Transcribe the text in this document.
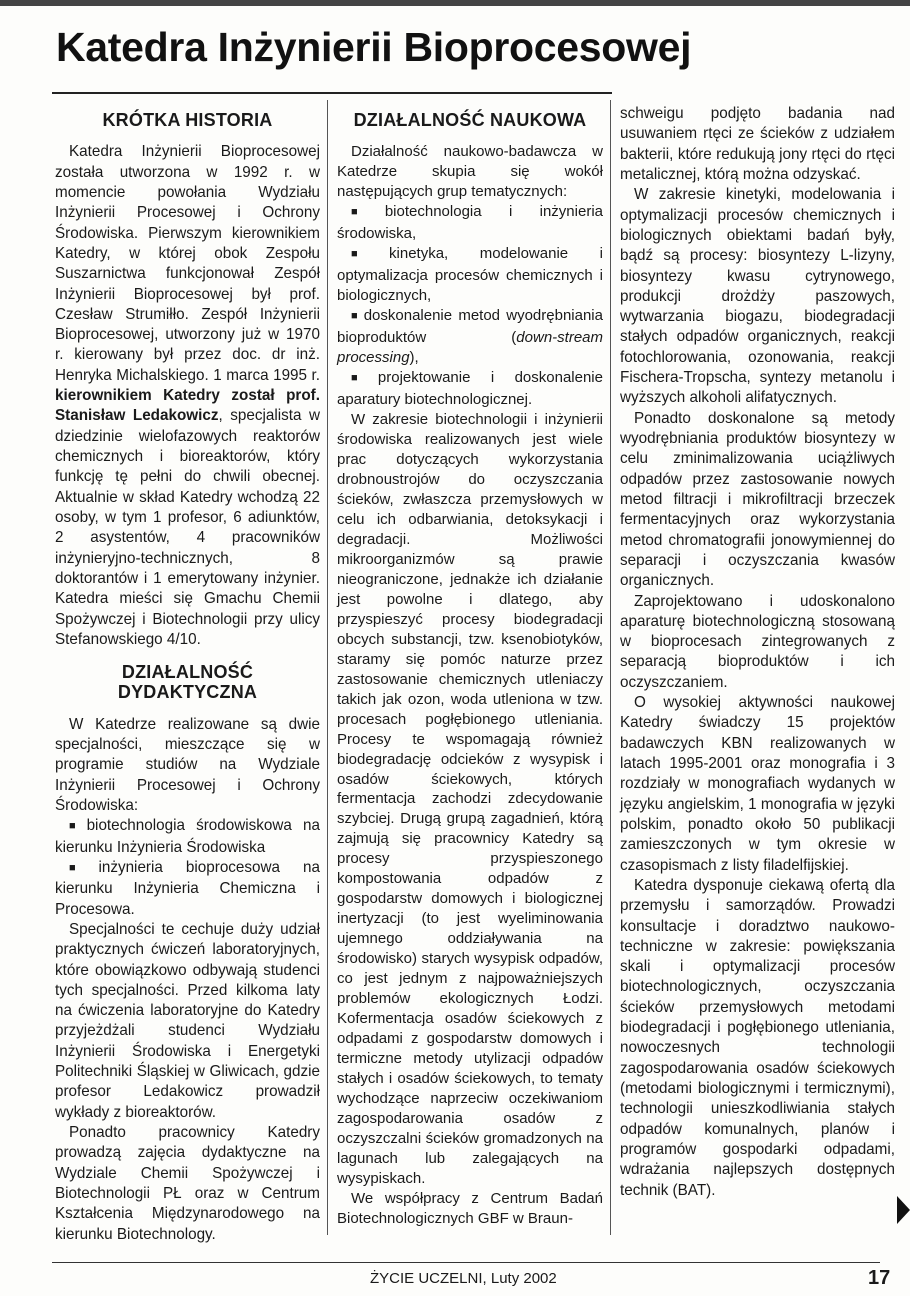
Katedra Inżynierii Bioprocesowej
KRÓTKA HISTORIA

Katedra Inżynierii Bioprocesowej została utworzona w 1992 r. w momencie powołania Wydziału Inżynierii Procesowej i Ochrony Środowiska. Pierwszym kierownikiem Katedry, w której obok Zespołu Suszarnictwa funkcjonował Zespół Inżynierii Bioprocesowej był prof. Czesław Strumiłło. Zespół Inżynierii Bioprocesowej, utworzony już w 1970 r. kierowany był przez doc. dr inż. Henryka Michalskiego. 1 marca 1995 r. kierownikiem Katedry został prof. Stanisław Ledakowicz, specjalista w dziedzinie wielofazowych reaktorów chemicznych i bioreaktorów, który funkcję tę pełni do chwili obecnej. Aktualnie w skład Katedry wchodzą 22 osoby, w tym 1 profesor, 6 adiunktów, 2 asystentów, 4 pracowników inżynieryjno-technicznych, 8 doktorantów i 1 emerytowany inżynier. Katedra mieści się Gmachu Chemii Spożywczej i Biotechnologii przy ulicy Stefanowskiego 4/10.

DZIAŁALNOŚĆ DYDAKTYCZNA

W Katedrze realizowane są dwie specjalności, mieszczące się w programie studiów na Wydziale Inżynierii Procesowej i Ochrony Środowiska:

■ biotechnologia środowiskowa na kierunku Inżynieria Środowiska

■ inżynieria bioprocesowa na kierunku Inżynieria Chemiczna i Procesowa.

Specjalności te cechuje duży udział praktycznych ćwiczeń laboratoryjnych, które obowiązkowo odbywają studenci tych specjalności. Przed kilkoma laty na ćwiczenia laboratoryjne do Katedry przyjeżdżali studenci Wydziału Inżynierii Środowiska i Energetyki Politechniki Śląskiej w Gliwicach, gdzie profesor Ledakowicz prowadził wykłady z bioreaktorów.

Ponadto pracownicy Katedry prowadzą zajęcia dydaktyczne na Wydziale Chemii Spożywczej i Biotechnologii PŁ oraz w Centrum Kształcenia Międzynarodowego na kierunku Biotechnology.

DZIAŁALNOŚĆ NAUKOWA

Działalność naukowo-badawcza w Katedrze skupia się wokół następujących grup tematycznych:

■ biotechnologia i inżynieria środowiska,

■ kinetyka, modelowanie i optymalizacja procesów chemicznych i biologicznych,

■ doskonalenie metod wyodrębniania bioproduktów (down-stream processing),

■ projektowanie i doskonalenie aparatury biotechnologicznej.

W zakresie biotechnologii i inżynierii środowiska realizowanych jest wiele prac dotyczących wykorzystania drobnoustrojów do oczyszczania ścieków, zwłaszcza przemysłowych w celu ich odbarwiania, detoksykacji i degradacji. Możliwości mikroorganizmów są prawie nieograniczone, jednakże ich działanie jest powolne i dlatego, aby przyspieszyć procesy biodegradacji obcych substancji, tzw. ksenobiotyków, staramy się pomóc naturze przez zastosowanie chemicznych utleniaczy takich jak ozon, woda utleniona w tzw. procesach pogłębionego utleniania. Procesy te wspomagają również biodegradację odcieków z wysypisk i osadów ściekowych, których fermentacja zachodzi zdecydowanie szybciej. Drugą grupą zagadnień, którą zajmują się pracownicy Katedry są procesy przyspieszonego kompostowania odpadów z gospodarstw domowych i biologicznej inertyzacji (to jest wyeliminowania ujemnego oddziaływania na środowisko) starych wysypisk odpadów, co jest jednym z najpoważniejszych problemów ekologicznych Łodzi. Kofermentacja osadów ściekowych z odpadami z gospodarstw domowych i termiczne metody utylizacji odpadów stałych i osadów ściekowych, to tematy wychodzące naprzeciw oczekiwaniom zagospodarowania osadów z oczyszczalni ścieków gromadzonych na lagunach lub zalegających na wysypiskach.

We współpracy z Centrum Badań Biotechnologicznych GBF w Braun-

schweigu podjęto badania nad usuwaniem rtęci ze ścieków z udziałem bakterii, które redukują jony rtęci do rtęci metalicznej, którą można odzyskać.

W zakresie kinetyki, modelowania i optymalizacji procesów chemicznych i biologicznych obiektami badań były, bądź są procesy: biosyntezy L-lizyny, biosyntezy kwasu cytrynowego, produkcji drożdży paszowych, wytwarzania biogazu, biodegradacji stałych odpadów organicznych, reakcji fotochlorowania, ozonowania, reakcji Fischera-Tropscha, syntezy metanolu i wyższych alkoholi alifatycznych.

Ponadto doskonalone są metody wyodrębniania produktów biosyntezy w celu zminimalizowania uciążliwych odpadów przez zastosowanie nowych metod filtracji i mikrofiltracji brzeczek fermentacyjnych oraz wykorzystania metod chromatografii jonowymiennej do separacji i oczyszczania kwasów organicznych.

Zaprojektowano i udoskonalono aparaturę biotechnologiczną stosowaną w bioprocesach zintegrowanych z separacją bioproduktów i ich oczyszczaniem.

O wysokiej aktywności naukowej Katedry świadczy 15 projektów badawczych KBN realizowanych w latach 1995-2001 oraz monografia i 3 rozdziały w monografiach wydanych w języku angielskim, 1 monografia w języki polskim, ponadto około 50 publikacji zamieszczonych w tym okresie w czasopismach z listy filadelfijskiej.

Katedra dysponuje ciekawą ofertą dla przemysłu i samorządów. Prowadzi konsultacje i doradztwo naukowo-techniczne w zakresie: powiększania skali i optymalizacji procesów biotechnologicznych, oczyszczania ścieków przemysłowych metodami biodegradacji i pogłębionego utleniania, nowoczesnych technologii zagospodarowania osadów ściekowych (metodami biologicznymi i termicznymi), technologii unieszkodliwiania stałych odpadów komunalnych, planów i programów gospodarki odpadami, wdrażania najlepszych dostępnych technik (BAT).

ŻYCIE UCZELNI, Luty 2002	17
